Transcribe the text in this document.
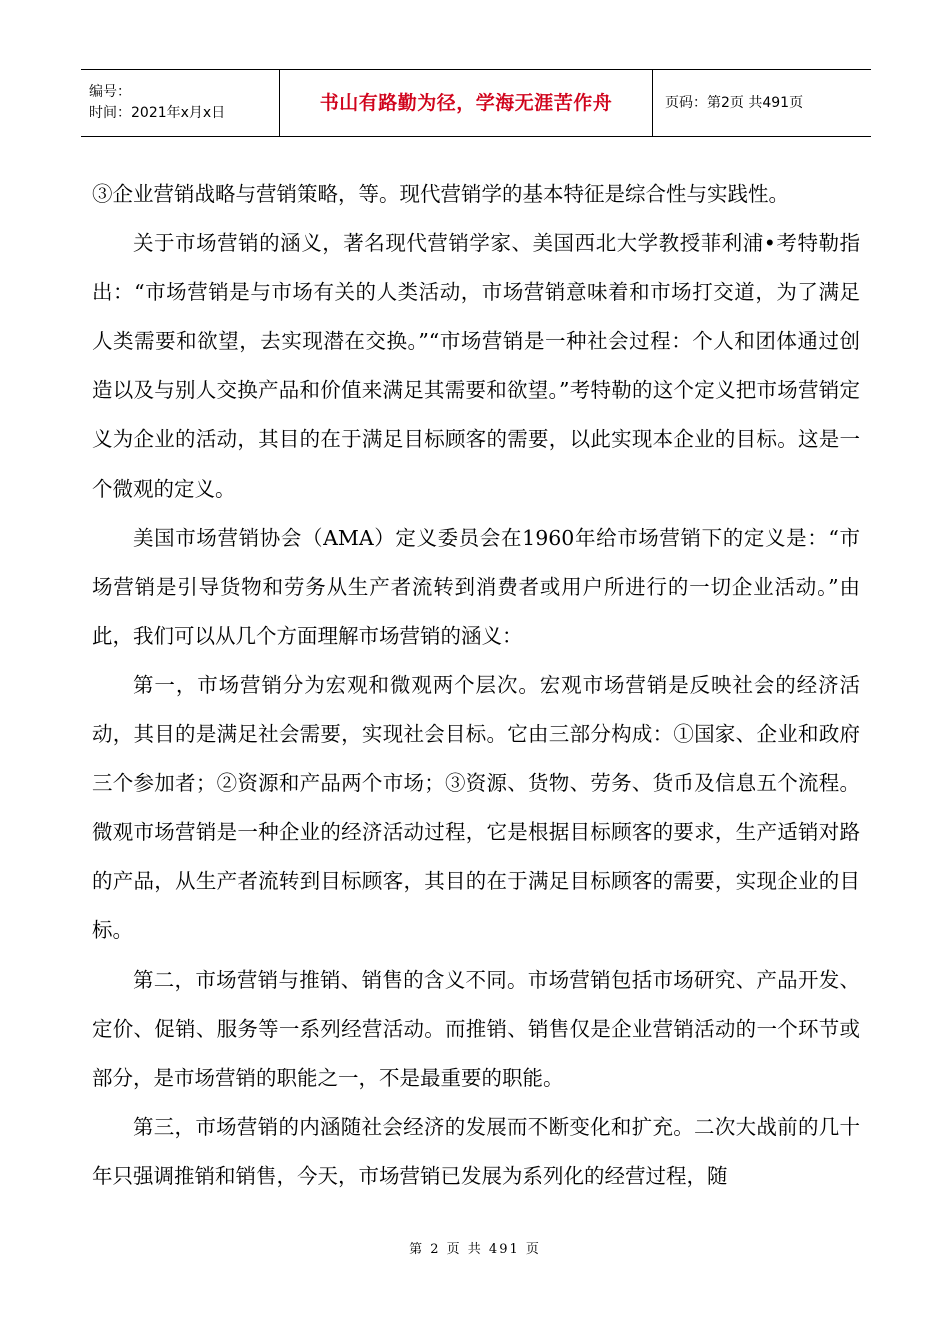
编号：
时间：2021年x月x日	书山有路勤为径，学海无涯苦作舟	页码：第2页 共491页

③企业营销战略与营销策略，等。现代营销学的基本特征是综合性与实践性。

关于市场营销的涵义，著名现代营销学家、美国西北大学教授菲利浦•考特勒指出：“市场营销是与市场有关的人类活动，市场营销意味着和市场打交道，为了满足人类需要和欲望，去实现潜在交换。”“市场营销是一种社会过程：个人和团体通过创造以及与别人交换产品和价值来满足其需要和欲望。”考特勒的这个定义把市场营销定义为企业的活动，其目的在于满足目标顾客的需要，以此实现本企业的目标。这是一个微观的定义。

美国市场营销协会（AMA）定义委员会在1960年给市场营销下的定义是：“市场营销是引导货物和劳务从生产者流转到消费者或用户所进行的一切企业活动。”由此，我们可以从几个方面理解市场营销的涵义：

第一，市场营销分为宏观和微观两个层次。宏观市场营销是反映社会的经济活动，其目的是满足社会需要，实现社会目标。它由三部分构成：①国家、企业和政府三个参加者；②资源和产品两个市场；③资源、货物、劳务、货币及信息五个流程。微观市场营销是一种企业的经济活动过程，它是根据目标顾客的要求，生产适销对路的产品，从生产者流转到目标顾客，其目的在于满足目标顾客的需要，实现企业的目标。

第二，市场营销与推销、销售的含义不同。市场营销包括市场研究、产品开发、定价、促销、服务等一系列经营活动。而推销、销售仅是企业营销活动的一个环节或部分，是市场营销的职能之一，不是最重要的职能。

第三，市场营销的内涵随社会经济的发展而不断变化和扩充。二次大战前的几十年只强调推销和销售，今天，市场营销已发展为系列化的经营过程，随

第 2 页 共 491 页
